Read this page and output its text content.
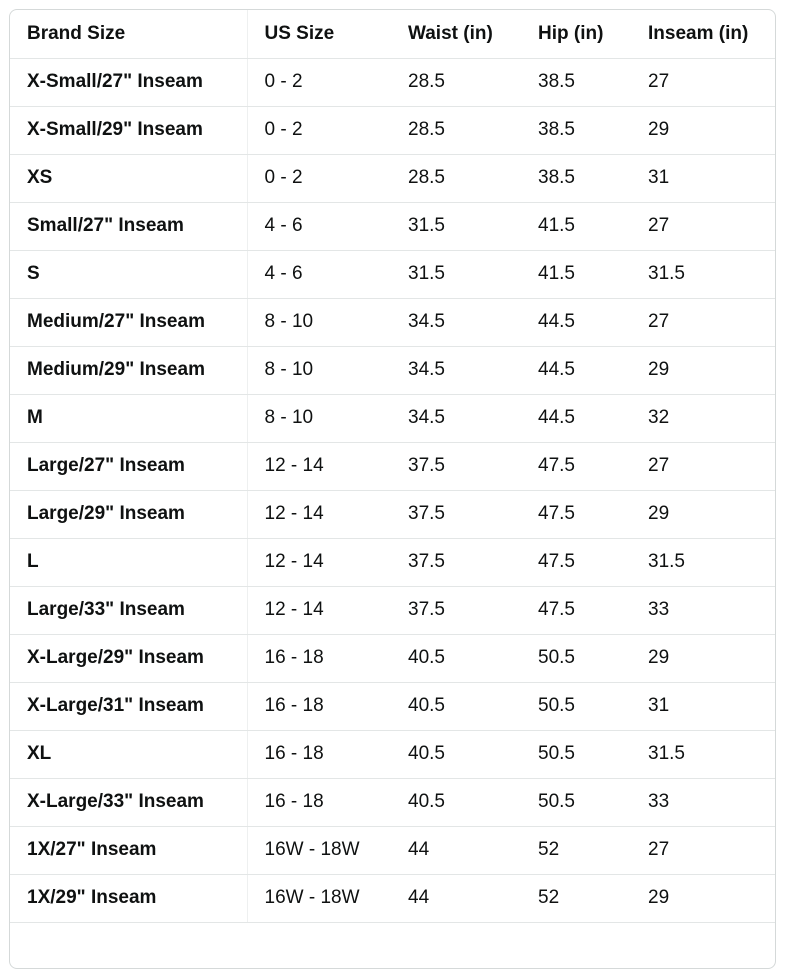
Brand Size	US Size	Waist (in)	Hip (in)	Inseam (in)
X-Small/27" Inseam	0 - 2	28.5	38.5	27
X-Small/29" Inseam	0 - 2	28.5	38.5	29
XS	0 - 2	28.5	38.5	31
Small/27" Inseam	4 - 6	31.5	41.5	27
S	4 - 6	31.5	41.5	31.5
Medium/27" Inseam	8 - 10	34.5	44.5	27
Medium/29" Inseam	8 - 10	34.5	44.5	29
M	8 - 10	34.5	44.5	32
Large/27" Inseam	12 - 14	37.5	47.5	27
Large/29" Inseam	12 - 14	37.5	47.5	29
L	12 - 14	37.5	47.5	31.5
Large/33" Inseam	12 - 14	37.5	47.5	33
X-Large/29" Inseam	16 - 18	40.5	50.5	29
X-Large/31" Inseam	16 - 18	40.5	50.5	31
XL	16 - 18	40.5	50.5	31.5
X-Large/33" Inseam	16 - 18	40.5	50.5	33
1X/27" Inseam	16W - 18W	44	52	27
1X/29" Inseam	16W - 18W	44	52	29
